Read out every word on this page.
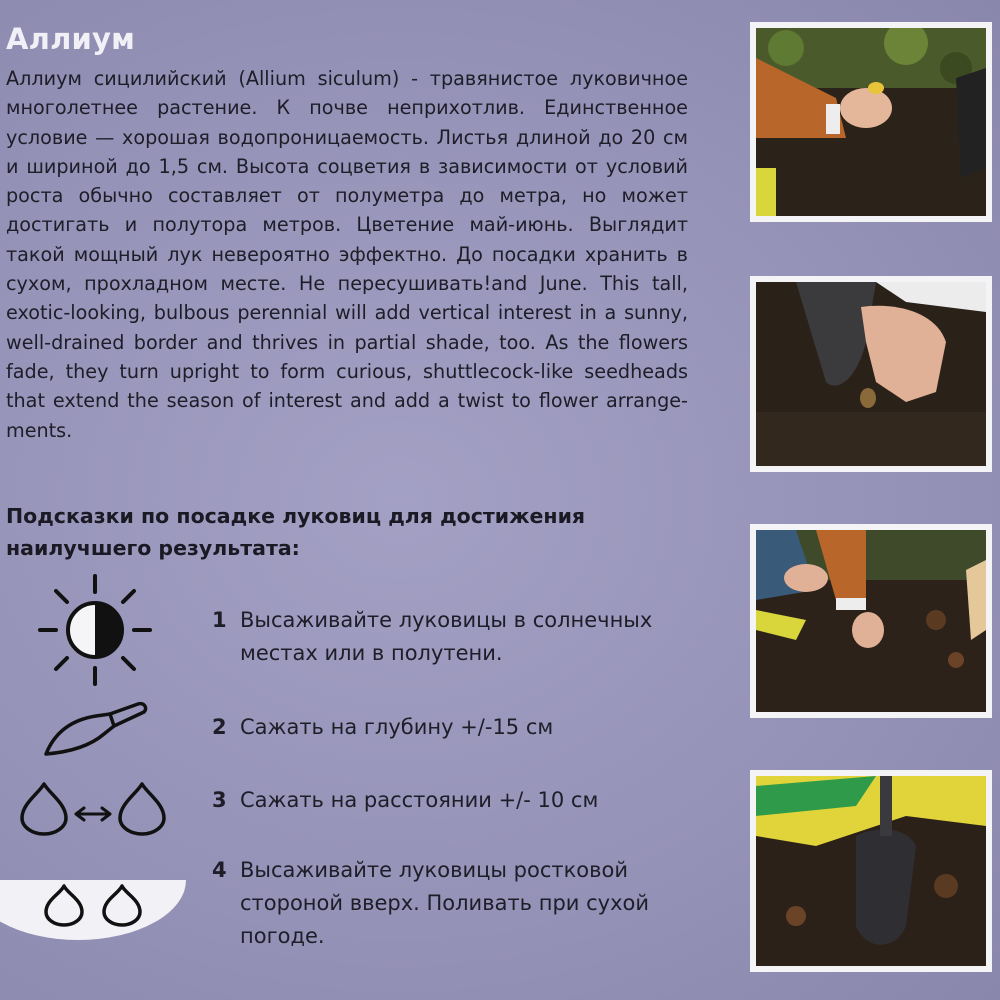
Аллиум
Аллиум сицилийский (Allium siculum) - травянистое луковичное многолетнее растение. К почве неприхотлив. Единственное условие — хорошая водопроницаемость. Листья длиной до 20 см и шириной до 1,5 см. Высота соцветия в зависимости от условий роста обычно составляет от полуметра до метра, но может достигать и полутора метров. Цветение май-июнь. Выглядит такой мощный лук невероятно эффектно. До посадки хранить в сухом, прохладном месте. Не пересушивать!and June. This tall, exotic-looking, bulbous perennial will add vertical interest in a sunny, well-drained border and thrives in partial shade, too. As the flowers fade, they turn upright to form curious, shuttlecock-like seedheads that extend the season of interest and add a twist to flower arrange-ments.
Подсказки по посадке луковиц для достижения
наилучшего результата:
1 Высаживайте луковицы в солнечных местах или в полутени.
2 Сажать на глубину +/-15 см
3 Сажать на расстоянии +/- 10 см
4 Высаживайте луковицы ростковой стороной вверх. Поливать при сухой погоде.
